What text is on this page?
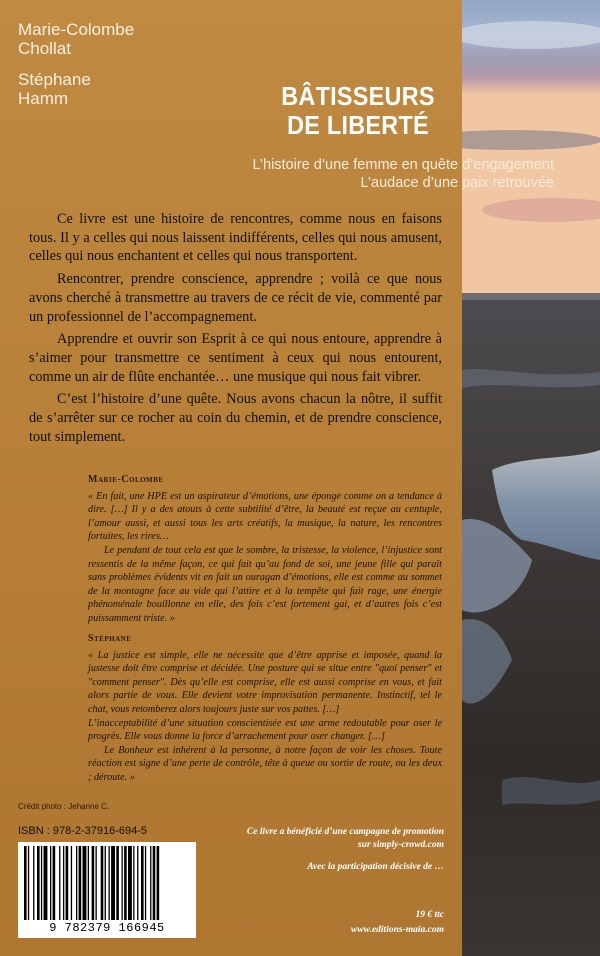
Marie-Colombe
Chollat
Stéphane
Hamm	BÂTISSEURS
DE LIBERTÉ
L’histoire d’une femme en quête d’engagement
L’audace d’une paix retrouvée

Ce livre est une histoire de rencontres, comme nous en faisons tous. Il y a celles qui nous laissent indifférents, celles qui nous amusent, celles qui nous enchantent et celles qui nous transportent.

Rencontrer, prendre conscience, apprendre ; voilà ce que nous avons cherché à transmettre au travers de ce récit de vie, commenté par un professionnel de l’accompagnement.

Apprendre et ouvrir son Esprit à ce qui nous entoure, apprendre à s’aimer pour transmettre ce sentiment à ceux qui nous entourent, comme un air de flûte enchantée… une musique qui nous fait vibrer.

C’est l’histoire d’une quête. Nous avons chacun la nôtre, il suffit de s’arrêter sur ce rocher au coin du chemin, et de prendre conscience, tout simplement.

Marie-Colombe

« En fait, une HPE est un aspirateur d’émotions, une éponge comme on a tendance à dire. […] Il y a des atouts à cette subtilité d’être, la beauté est reçue au centuple, l’amour aussi, et aussi tous les arts créatifs, la musique, la nature, les rencontres fortuites, les rires…

Le pendant de tout cela est que le sombre, la tristesse, la violence, l’injustice sont ressentis de la même façon, ce qui fait qu’au fond de soi, une jeune fille qui paraît sans problèmes évidents vit en fait un ouragan d’émotions, elle est comme au sommet de la montagne face au vide qui l’attire et à la tempête qui fait rage, une énergie phénoménale bouillonne en elle, des fois c’est fortement gai, et d’autres fois c’est puissamment triste. »

Stéphane

« La justice est simple, elle ne nécessite que d’être apprise et imposée, quand la justesse doit être comprise et décidée. Une posture qui se situe entre "quoi penser" et "comment penser". Dès qu’elle est comprise, elle est aussi comprise en vous, et fait alors partie de vous. Elle devient votre improvisation permanente. Instinctif, tel le chat, vous retomberez alors toujours juste sur vos pattes. […]

L’inacceptabilité d’une situation conscientisée est une arme redoutable pour oser le progrès. Elle vous donne la force d’arrachement pour oser changer. […]

Le Bonheur est inhérent à la personne, à notre façon de voir les choses. Toute réaction est signe d’une perte de contrôle, tête à queue ou sortie de route, ou les deux ; déroute. »

Crédit photo : Jehanne C.
ISBN : 978-2-37916-694-5
9 782379 166945
Ce livre a bénéficié d’une campagne de promotion
sur simply-crowd.com
Avec la participation décisive de …
19 € ttc
www.editions-maia.com
